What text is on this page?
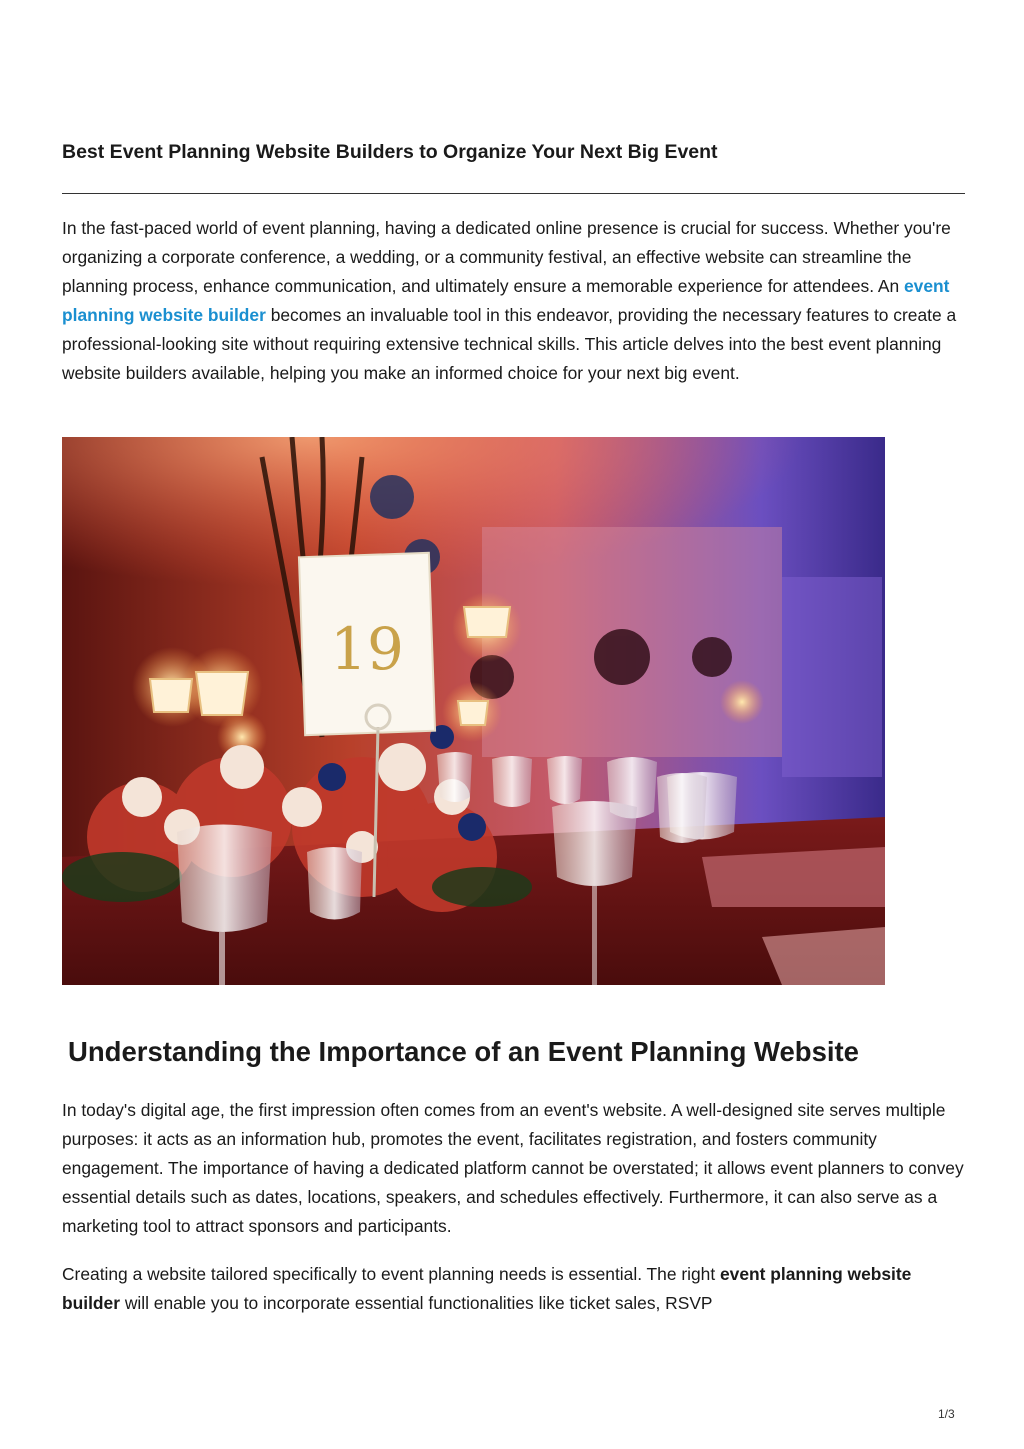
Best Event Planning Website Builders to Organize Your Next Big Event

In the fast-paced world of event planning, having a dedicated online presence is crucial for success. Whether you're organizing a corporate conference, a wedding, or a community festival, an effective website can streamline the planning process, enhance communication, and ultimately ensure a memorable experience for attendees. An event planning website builder becomes an invaluable tool in this endeavor, providing the necessary features to create a professional-looking site without requiring extensive technical skills. This article delves into the best event planning website builders available, helping you make an informed choice for your next big event.

19
Understanding the Importance of an Event Planning Website

In today's digital age, the first impression often comes from an event's website. A well-designed site serves multiple purposes: it acts as an information hub, promotes the event, facilitates registration, and fosters community engagement. The importance of having a dedicated platform cannot be overstated; it allows event planners to convey essential details such as dates, locations, speakers, and schedules effectively. Furthermore, it can also serve as a marketing tool to attract sponsors and participants.

Creating a website tailored specifically to event planning needs is essential. The right event planning website builder will enable you to incorporate essential functionalities like ticket sales, RSVP

1/3
